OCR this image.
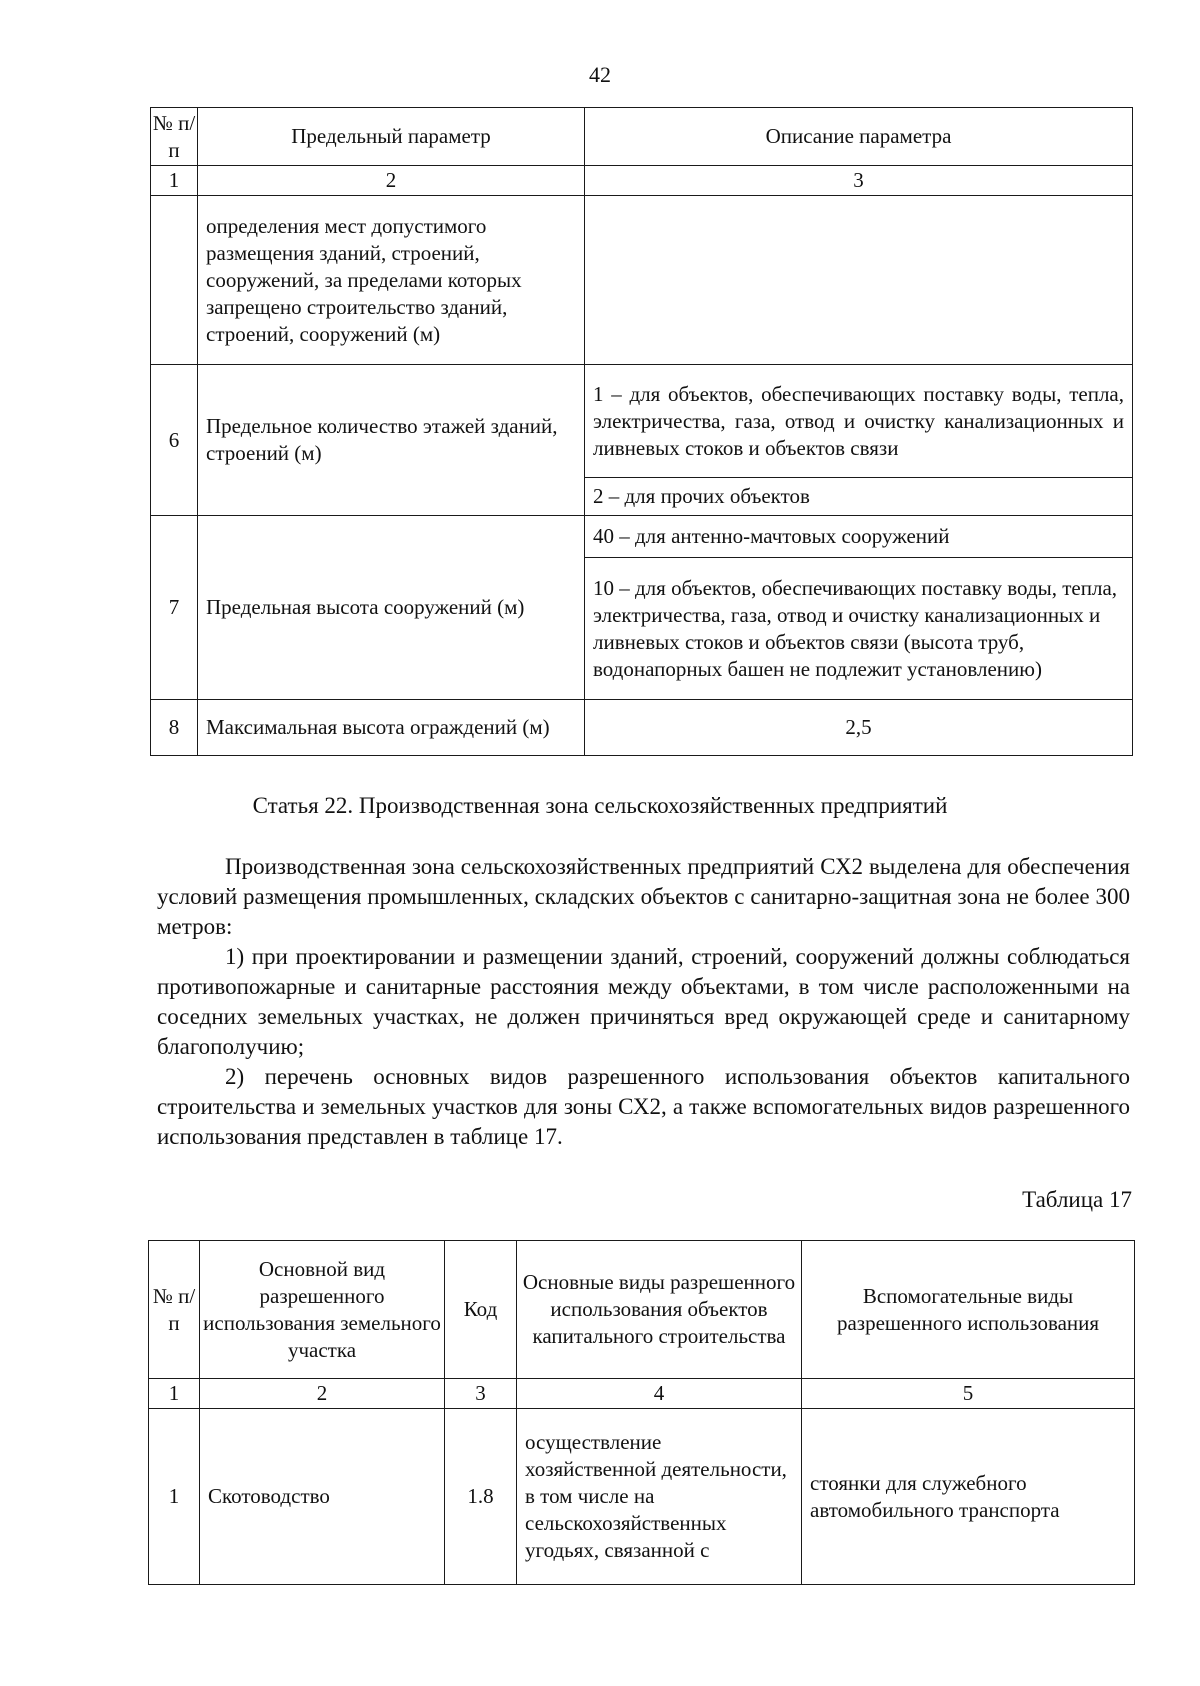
42
№ п/п	Предельный параметр	Описание параметра
1	2	3
	определения мест допустимого размещения зданий, строений, сооружений, за пределами которых запрещено строительство зданий, строений, сооружений (м)	
6	Предельное количество этажей зданий, строений (м)	1 – для объектов, обеспечивающих поставку воды, тепла, электричества, газа, отвод и очистку канализационных и ливневых стоков и объектов связи
		2 – для прочих объектов
7	Предельная высота сооружений (м)	40 – для антенно-мачтовых сооружений
		10 – для объектов, обеспечивающих поставку воды, тепла, электричества, газа, отвод и очистку канализационных и ливневых стоков и объектов связи (высота труб, водонапорных башен не подлежит установлению)
8	Максимальная высота ограждений (м)	2,5
Статья 22. Производственная зона сельскохозяйственных предприятий

Производственная зона сельскохозяйственных предприятий СХ2 выделена для обеспечения условий размещения промышленных, складских объектов с санитарно-защитная зона не более 300 метров:

1) при проектировании и размещении зданий, строений, сооружений должны соблюдаться противопожарные и санитарные расстояния между объектами, в том числе расположенными на соседних земельных участках, не должен причиняться вред окружающей среде и санитарному благополучию;

2) перечень основных видов разрешенного использования объектов капитального строительства и земельных участков для зоны СХ2, а также вспомогательных видов разрешенного использования представлен в таблице 17.

Таблица 17
№ п/п	Основной вид разрешенного использования земельного участка	Код	Основные виды разрешенного использования объектов капитального строительства	Вспомогательные виды разрешенного использования
1	2	3	4	5
1	Скотоводство	1.8	осуществление хозяйственной деятельности, в том числе на сельскохозяйственных угодьях, связанной с	стоянки для служебного автомобильного транспорта
